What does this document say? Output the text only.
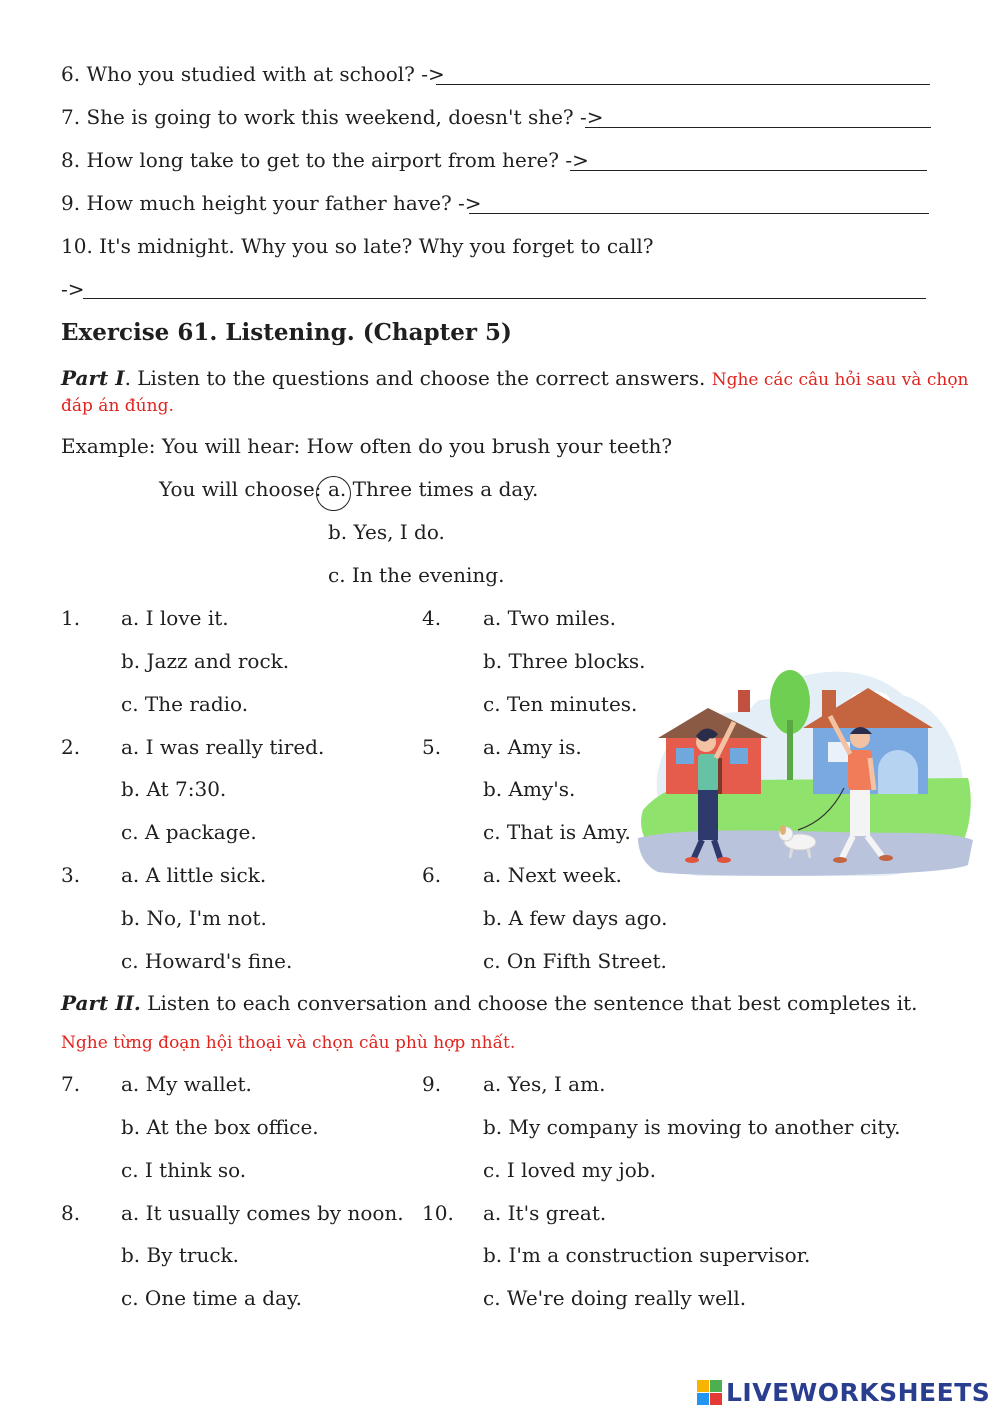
6. Who you studied with at school? ->
7. She is going to work this weekend, doesn't she? ->
8. How long take to get to the airport from here? ->
9. How much height your father have? ->
10. It's midnight. Why you so late? Why you forget to call?
->
Exercise 61. Listening. (Chapter 5)
Part I. Listen to the questions and choose the correct answers. Nghe các câu hỏi sau và chọn
đáp án đúng.
Example: You will hear: How often do you brush your teeth?
You will choose: a. Three times a day.
b. Yes, I do.
c. In the evening.
1. a. I love it.
b. Jazz and rock.
c. The radio.
2. a. I was really tired.
b. At 7:30.
c. A package.
3. a. A little sick.
b. No, I'm not.
c. Howard's fine.
4. a. Two miles.
b. Three blocks.
c. Ten minutes.
5. a. Amy is.
b. Amy's.
c. That is Amy.
6. a. Next week.
b. A few days ago.
c. On Fifth Street.
Part II. Listen to each conversation and choose the sentence that best completes it.
Nghe từng đoạn hội thoại và chọn câu phù hợp nhất.
7. a. My wallet.
b. At the box office.
c. I think so.
8. a. It usually comes by noon.
b. By truck.
c. One time a day.
9. a. Yes, I am.
b. My company is moving to another city.
c. I loved my job.
10. a. It's great.
b. I'm a construction supervisor.
c. We're doing really well.
LIVEWORKSHEETS
